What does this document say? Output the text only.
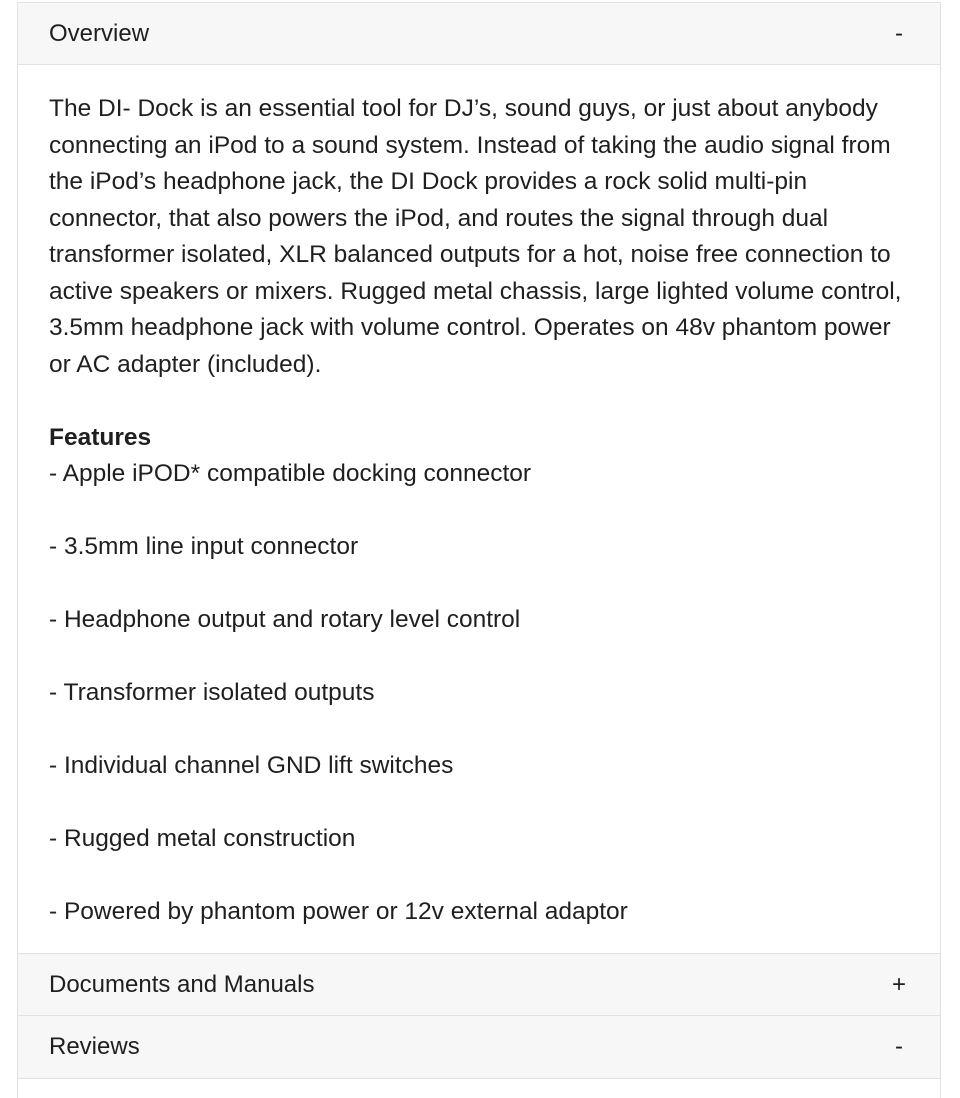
Overview	-

The DI- Dock is an essential tool for DJ’s, sound guys, or just about anybody connecting an iPod to a sound system. Instead of taking the audio signal from the iPod’s headphone jack, the DI Dock provides a rock solid multi-pin connector, that also powers the iPod, and routes the signal through dual transformer isolated, XLR balanced outputs for a hot, noise free connection to active speakers or mixers. Rugged metal chassis, large lighted volume control, 3.5mm headphone jack with volume control. Operates on 48v phantom power or AC adapter (included).

Features
- Apple iPOD* compatible docking connector
- 3.5mm line input connector
- Headphone output and rotary level control
- Transformer isolated outputs
- Individual channel GND lift switches
- Rugged metal construction
- Powered by phantom power or 12v external adaptor
Documents and Manuals	+
Reviews	-
